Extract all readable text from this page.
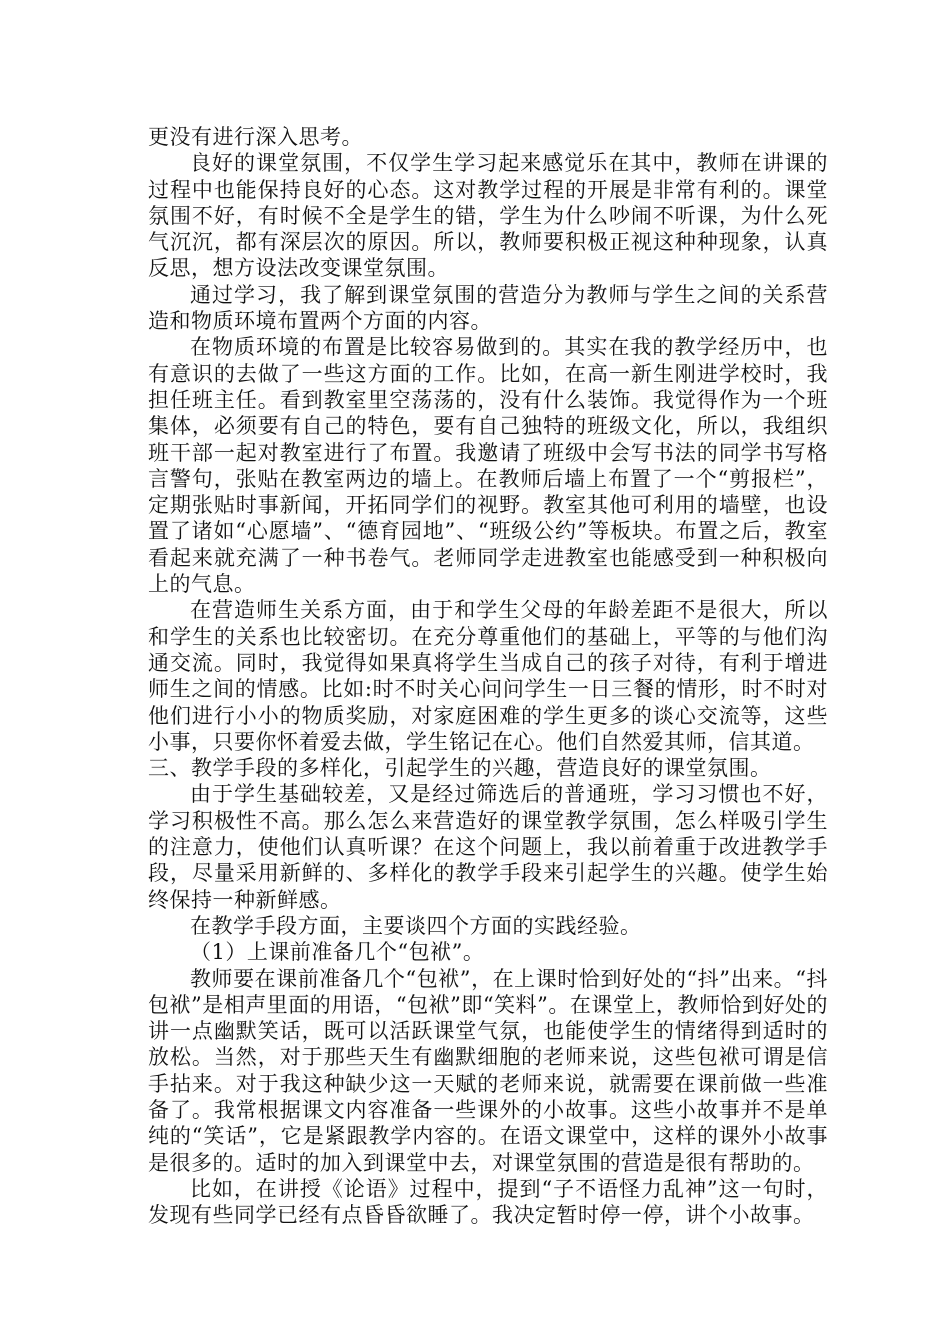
更没有进行深入思考。

良好的课堂氛围，不仅学生学习起来感觉乐在其中，教师在讲课的过程中也能保持良好的心态。这对教学过程的开展是非常有利的。课堂氛围不好，有时候不全是学生的错，学生为什么吵闹不听课，为什么死气沉沉，都有深层次的原因。所以，教师要积极正视这种种现象，认真反思，想方设法改变课堂氛围。

通过学习，我了解到课堂氛围的营造分为教师与学生之间的关系营造和物质环境布置两个方面的内容。

在物质环境的布置是比较容易做到的。其实在我的教学经历中，也有意识的去做了一些这方面的工作。比如，在高一新生刚进学校时，我担任班主任。看到教室里空荡荡的，没有什么装饰。我觉得作为一个班集体，必须要有自己的特色，要有自己独特的班级文化，所以，我组织班干部一起对教室进行了布置。我邀请了班级中会写书法的同学书写格言警句，张贴在教室两边的墙上。在教师后墙上布置了一个“剪报栏”，定期张贴时事新闻，开拓同学们的视野。教室其他可利用的墙壁，也设置了诸如“心愿墙”、“德育园地”、“班级公约”等板块。布置之后，教室看起来就充满了一种书卷气。老师同学走进教室也能感受到一种积极向上的气息。

在营造师生关系方面，由于和学生父母的年龄差距不是很大，所以和学生的关系也比较密切。在充分尊重他们的基础上，平等的与他们沟通交流。同时，我觉得如果真将学生当成自己的孩子对待，有利于增进师生之间的情感。比如:时不时关心问问学生一日三餐的情形，时不时对他们进行小小的物质奖励，对家庭困难的学生更多的谈心交流等，这些小事，只要你怀着爱去做，学生铭记在心。他们自然爱其师，信其道。

三、教学手段的多样化，引起学生的兴趣，营造良好的课堂氛围。

由于学生基础较差，又是经过筛选后的普通班，学习习惯也不好，学习积极性不高。那么怎么来营造好的课堂教学氛围，怎么样吸引学生的注意力，使他们认真听课？在这个问题上，我以前着重于改进教学手段，尽量采用新鲜的、多样化的教学手段来引起学生的兴趣。使学生始终保持一种新鲜感。

在教学手段方面，主要谈四个方面的实践经验。

（1）上课前准备几个“包袱”。

教师要在课前准备几个“包袱”，在上课时恰到好处的“抖”出来。“抖包袱”是相声里面的用语，“包袱”即“笑料”。在课堂上，教师恰到好处的讲一点幽默笑话，既可以活跃课堂气氛，也能使学生的情绪得到适时的放松。当然，对于那些天生有幽默细胞的老师来说，这些包袱可谓是信手拈来。对于我这种缺少这一天赋的老师来说，就需要在课前做一些准备了。我常根据课文内容准备一些课外的小故事。这些小故事并不是单纯的“笑话”，它是紧跟教学内容的。在语文课堂中，这样的课外小故事是很多的。适时的加入到课堂中去，对课堂氛围的营造是很有帮助的。

比如，在讲授《论语》过程中，提到“子不语怪力乱神”这一句时，发现有些同学已经有点昏昏欲睡了。我决定暂时停一停，讲个小故事。
